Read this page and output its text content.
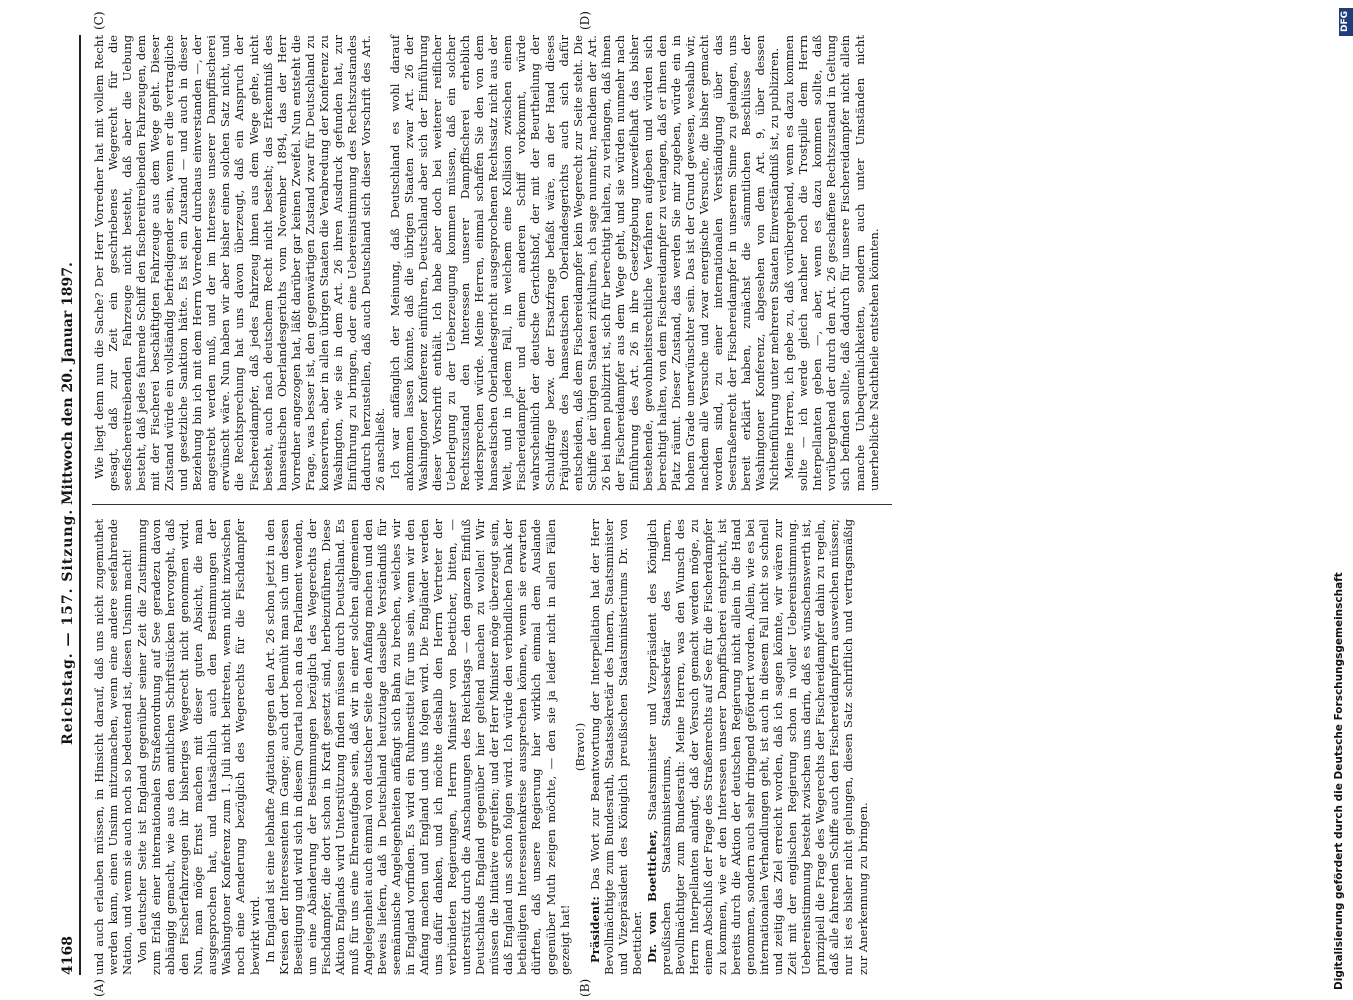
4168
Reichstag. — 157. Sitzung.
Mittwoch den 20. Januar 1897.
(A)	(B)
(C)	(D)

und auch erlauben müssen, in Hinsicht darauf, daß uns nicht zugemuthet werden kann, einen Unsinn mitzumachen, wenn eine andere seefahrende Nation, und wenn sie auch noch so bedeutend ist, diesen Unsinn macht! Von deutscher Seite ist England gegenüber seiner Zeit die Zustimmung zum Erlaß einer internationalen Straßenordnung auf See geradezu davon abhängig gemacht, wie aus den amtlichen Schriftstücken hervorgeht, daß den Fischerfahrzeugen ihr bisheriges Wegerecht nicht genommen wird. Nun, man möge Ernst machen mit dieser guten Absicht, die man ausgesprochen hat, und thatsächlich auch den Bestimmungen der Washingtoner Konferenz zum 1. Juli nicht beitreten, wenn nicht inzwischen noch eine Aenderung bezüglich des Wegerechts für die Fischdampfer bewirkt wird. In England ist eine lebhafte Agitation gegen den Art. 26 schon jetzt in den Kreisen der Interessenten im Gange; auch dort bemüht man sich um dessen Beseitigung und wird sich in diesem Quartal noch an das Parlament wenden, um eine Abänderung der Bestimmungen bezüglich des Wegerechts der Fischdampfer, die dort schon in Kraft gesetzt sind, herbeizuführen. Diese Aktion Englands wird Unterstützung finden müssen durch Deutschland. Es muß für uns eine Ehrenaufgabe sein, daß wir in einer solchen allgemeinen Angelegenheit auch einmal von deutscher Seite den Anfang machen und den Beweis liefern, daß in Deutschland heutzutage dasselbe Verständniß für seemännische Angelegenheiten anfängt sich Bahn zu brechen, welches wir in England vorfinden. Es wird ein Ruhmestitel für uns sein, wenn wir den Anfang machen und England und uns folgen wird. Die Engländer werden uns dafür danken, und ich möchte deshalb den Herrn Vertreter der verbündeten Regierungen, Herrn Minister von Boetticher, bitten, — unterstützt durch die Anschauungen des Reichstags — den ganzen Einfluß Deutschlands England gegenüber hier geltend machen zu wollen! Wir müssen die Initiative ergreifen; und der Herr Minister möge überzeugt sein, daß England uns schon folgen wird. Ich würde den verbindlichen Dank der betheiligten Interessentenkreise aussprechen können, wenn sie erwarten dürften, daß unsere Regierung hier wirklich einmal dem Auslande gegenüber Muth zeigen möchte, — den sie ja leider nicht in allen Fällen gezeigt hat!

(Bravo!)

Präsident: Das Wort zur Beantwortung der Interpellation hat der Herr Bevollmächtigte zum Bundesrath, Staatssekretär des Innern, Staatsminister und Vizepräsident des Königlich preußischen Staatsministeriums Dr. von Boetticher. Dr. von Boetticher, Staatsminister und Vizepräsident des Königlich preußischen Staatsministeriums, Staatssekretär des Innern, Bevollmächtigter zum Bundesrath: Meine Herren, was den Wunsch des Herrn Interpellanten anlangt, daß der Versuch gemacht werden möge, zu einem Abschluß der Frage des Straßenrechts auf See für die Fischerdampfer zu kommen, wie er den Interessen unserer Dampffischerei entspricht, ist bereits durch die Aktion der deutschen Regierung nicht allein in die Hand genommen, sondern auch sehr dringend gefördert worden. Allein, wie es bei internationalen Verhandlungen geht, ist auch in diesem Fall nicht so schnell und zeitig das Ziel erreicht worden, daß ich sagen könnte, wir wären zur Zeit mit der englischen Regierung schon in voller Uebereinstimmung. Uebereinstimmung besteht zwischen uns darin, daß es wünschenswerth ist, prinzipiell die Frage des Wegerechts der Fischereidampfer dahin zu regeln, daß alle fahrenden Schiffe auch den Fischereidampfern ausweichen müssen; nur ist es bisher nicht gelungen, diesen Satz schriftlich und vertragsmäßig zur Anerkennung zu bringen.

Wie liegt denn nun die Sache? Der Herr Vorredner hat mit vollem Recht gesagt, daß zur Zeit ein geschriebenes Wegerecht für die seefischereitreibenden Fahrzeuge nicht besteht, daß aber die Uebung besteht, daß jedes fahrende Schiff den fischereitreibenden Fahrzeugen, dem mit der Fischerei beschäftigten Fahrzeuge aus dem Wege geht. Dieser Zustand würde ein vollständig befriedigender sein, wenn er die vertragliche und gesetzliche Sanktion hätte. Es ist ein Zustand — und auch in dieser Beziehung bin ich mit dem Herrn Vorredner durchaus einverstanden —, der angestrebt werden muß, und der im Interesse unserer Dampffischerei erwünscht wäre. Nun haben wir aber bisher einen solchen Satz nicht, und die Rechtsprechung hat uns davon überzeugt, daß ein Anspruch der Fischereidampfer, daß jedes Fahrzeug ihnen aus dem Wege gehe, nicht besteht, auch nach deutschem Recht nicht besteht; das Erkenntniß des hanseatischen Oberlandesgerichts vom November 1894, das der Herr Vorredner angezogen hat, läßt darüber gar keinen Zweifel. Nun entsteht die Frage, was besser ist, den gegenwärtigen Zustand zwar für Deutschland zu konserviren, aber in allen übrigen Staaten die Verabredung der Konferenz zu Washington, wie sie in dem Art. 26 ihren Ausdruck gefunden hat, zur Einführung zu bringen, oder eine Uebereinstimmung des Rechtszustandes dadurch herzustellen, daß auch Deutschland sich dieser Vorschrift des Art. 26 anschließt. Ich war anfänglich der Meinung, daß Deutschland es wohl darauf ankommen lassen könnte, daß die übrigen Staaten zwar Art. 26 der Washingtoner Konferenz einführen, Deutschland aber sich der Einführung dieser Vorschrift enthält. Ich habe aber doch bei weiterer reiflicher Ueberlegung zu der Ueberzeugung kommen müssen, daß ein solcher Rechtszustand den Interessen unserer Dampffischerei erheblich widersprechen würde. Meine Herren, einmal schaffen Sie den von dem hanseatischen Oberlandesgericht ausgesprochenen Rechtssatz nicht aus der Welt, und in jedem Fall, in welchem eine Kollision zwischen einem Fischereidampfer und einem anderen Schiff vorkommt, würde wahrscheinlich der deutsche Gerichtshof, der mit der Beurtheilung der Schuldfrage bezw. der Ersatzfrage befaßt wäre, an der Hand dieses Präjudizes des hanseatischen Oberlandesgerichts auch sich dafür entscheiden, daß dem Fischereidampfer kein Wegerecht zur Seite steht. Die Schiffe der übrigen Staaten zirkuliren, ich sage nunmehr, nachdem der Art. 26 bei ihnen publizirt ist, sich für berechtigt halten, zu verlangen, daß ihnen der Fischereidampfer aus dem Wege geht, und sie würden nunmehr nach Einführung des Art. 26 in ihre Gesetzgebung unzweifelhaft das bisher bestehende, gewohnheitsrechtliche Verfahren aufgeben und würden sich berechtigt halten, von dem Fischereidampfer zu verlangen, daß er ihnen den Platz räumt. Dieser Zustand, das werden Sie mir zugeben, würde ein in hohem Grade unerwünschter sein. Das ist der Grund gewesen, weshalb wir, nachdem alle Versuche und zwar energische Versuche, die bisher gemacht worden sind, zu einer internationalen Verständigung über das Seestraßenrecht der Fischereidampfer in unserem Sinne zu gelangen, uns bereit erklärt haben, zunächst die sämmtlichen Beschlüsse der Washingtoner Konferenz, abgesehen von dem Art. 9, über dessen Nichteinführung unter mehreren Staaten Einverständniß ist, zu publiziren. Meine Herren, ich gebe zu, daß vorübergehend, wenn es dazu kommen sollte — ich werde gleich nachher noch die Trostpille dem Herrn Interpellanten geben —, aber, wenn es dazu kommen sollte, daß vorübergehend der durch den Art. 26 geschaffene Rechtszustand in Geltung sich befinden sollte, daß dadurch für unsere Fischereidampfer nicht allein manche Unbequemlichkeiten, sondern auch unter Umständen nicht unerhebliche Nachtheile entstehen könnten.

Digitalisierung gefördert durch die Deutsche Forschungsgemeinschaft
DFG
